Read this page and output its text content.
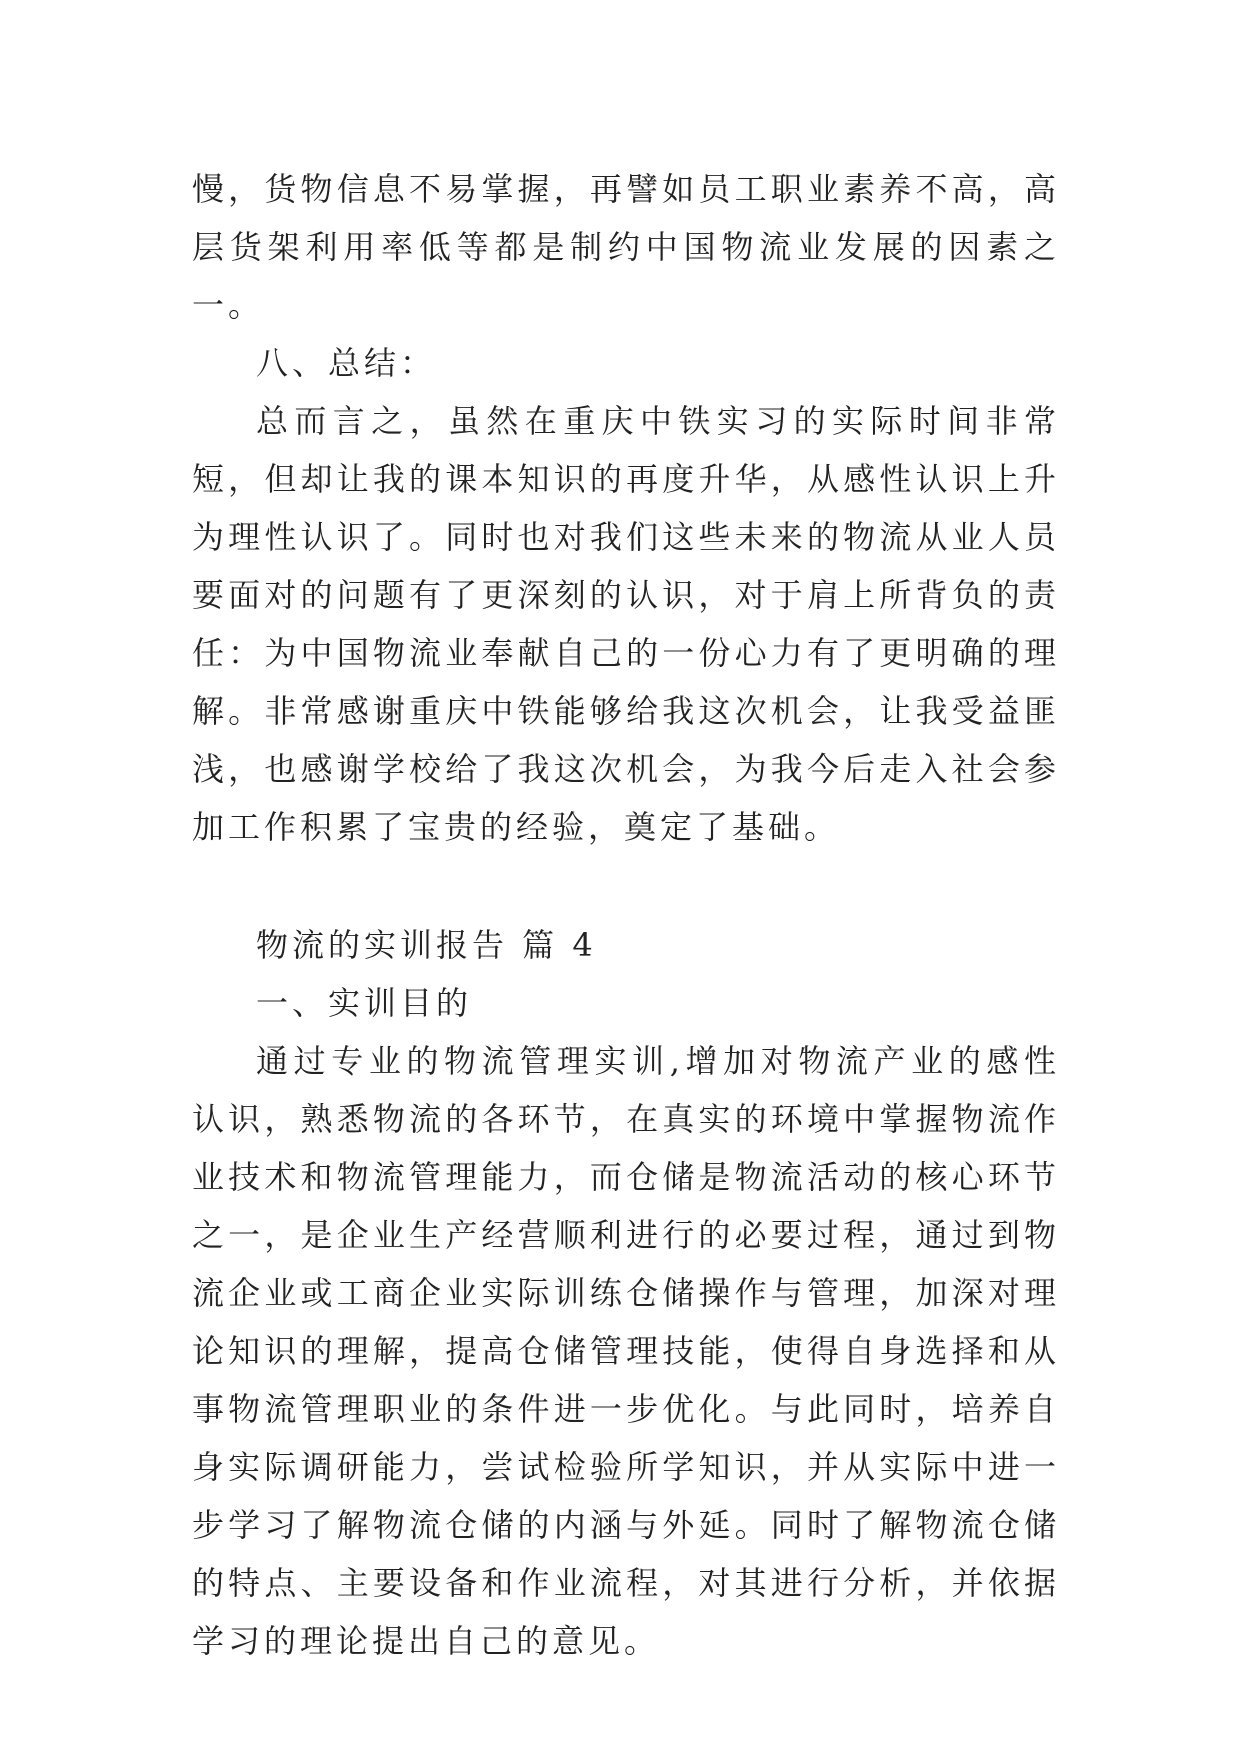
慢，货物信息不易掌握，再譬如员工职业素养不高，高层货架利用率低等都是制约中国物流业发展的因素之一。

八、总结：

总而言之，虽然在重庆中铁实习的实际时间非常短，但却让我的课本知识的再度升华，从感性认识上升为理性认识了。同时也对我们这些未来的物流从业人员要面对的问题有了更深刻的认识，对于肩上所背负的责任：为中国物流业奉献自己的一份心力有了更明确的理解。非常感谢重庆中铁能够给我这次机会，让我受益匪浅，也感谢学校给了我这次机会，为我今后走入社会参加工作积累了宝贵的经验，奠定了基础。

物流的实训报告 篇 4

一、实训目的

通过专业的物流管理实训,增加对物流产业的感性认识，熟悉物流的各环节，在真实的环境中掌握物流作业技术和物流管理能力，而仓储是物流活动的核心环节之一，是企业生产经营顺利进行的必要过程，通过到物流企业或工商企业实际训练仓储操作与管理，加深对理论知识的理解，提高仓储管理技能，使得自身选择和从事物流管理职业的条件进一步优化。与此同时，培养自身实际调研能力，尝试检验所学知识，并从实际中进一步学习了解物流仓储的内涵与外延。同时了解物流仓储的特点、主要设备和作业流程，对其进行分析，并依据学习的理论提出自己的意见。
